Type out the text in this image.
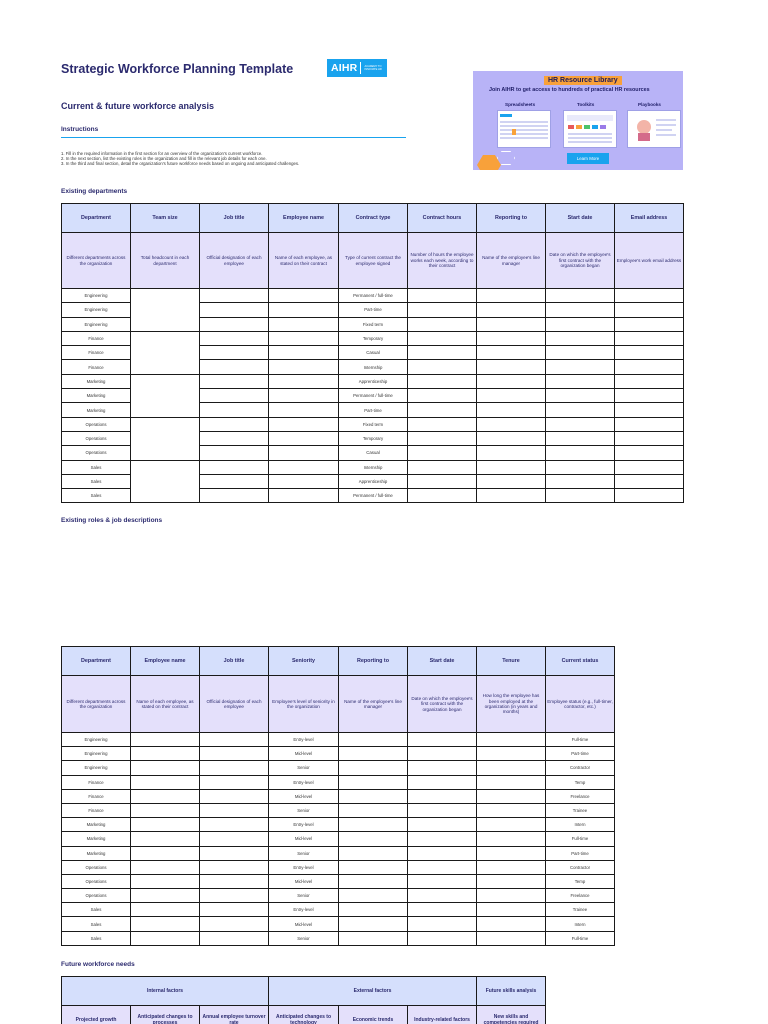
Strategic Workforce Planning Template	AIHR	ACADEMY TO INNOVATE HR
Current & future workforce analysis
Instructions
1. Fill in the required information in the first section for an overview of the organization's current workforce.
2. In the next section, list the existing roles in the organization and fill in the relevant job details for each one.
3. In the third and final section, detail the organization's future workforce needs based on ongoing and anticipated challenges.
HR Resource Library
Join AIHR to get access to hundreds of practical HR resources
Spreadsheets	Toolkits	Playbooks
Learn More
Existing departments
Department	Team size	Job title	Employee name	Contract type	Contract hours	Reporting to	Start date	Email address
Different departments across the organization	Total headcount in each department	Official designation of each employee	Name of each employee, as stated on their contract	Type of current contract the employee signed	Number of hours the employee works each week, according to their contract	Name of the employee's line manager	Date on which the employee's first contract with the organization began	Employee's work email address
Engineering				Permanent / full-time				
Engineering				Part-time				
Engineering				Fixed term				
Finance				Temporary				
Finance				Casual				
Finance				Internship				
Marketing				Apprenticeship				
Marketing				Permanent / full-time				
Marketing				Part-time				
Operations				Fixed term				
Operations				Temporary				
Operations				Casual				
Sales				Internship				
Sales				Apprenticeship				
Sales				Permanent / full-time				
Existing roles & job descriptions
Department	Employee name	Job title	Seniority	Reporting to	Start date	Tenure	Current status
Different departments across the organization	Name of each employee, as stated on their contract	Official designation of each employee	Employee's level of seniority in the organization	Name of the employee's line manager	Date on which the employee's first contract with the organization began	How long the employee has been employed at the organization (in years and months)	Employee status (e.g., full-timer, contractor, etc.)
Engineering			Entry-level				Full-time
Engineering			Mid-level				Part-time
Engineering			Senior				Contractor
Finance			Entry-level				Temp
Finance			Mid-level				Freelance
Finance			Senior				Trainee
Marketing			Entry-level				Intern
Marketing			Mid-level				Full-time
Marketing			Senior				Part-time
Operations			Entry-level				Contractor
Operations			Mid-level				Temp
Operations			Senior				Freelance
Sales			Entry-level				Trainee
Sales			Mid-level				Intern
Sales			Senior				Full-time
Future workforce needs
Internal factors			External factors			Future skills analysis
Projected growth	Anticipated changes to processes	Annual employee turnover rate	Anticipated changes to technology	Economic trends	Industry-related factors	New skills and competencies required
